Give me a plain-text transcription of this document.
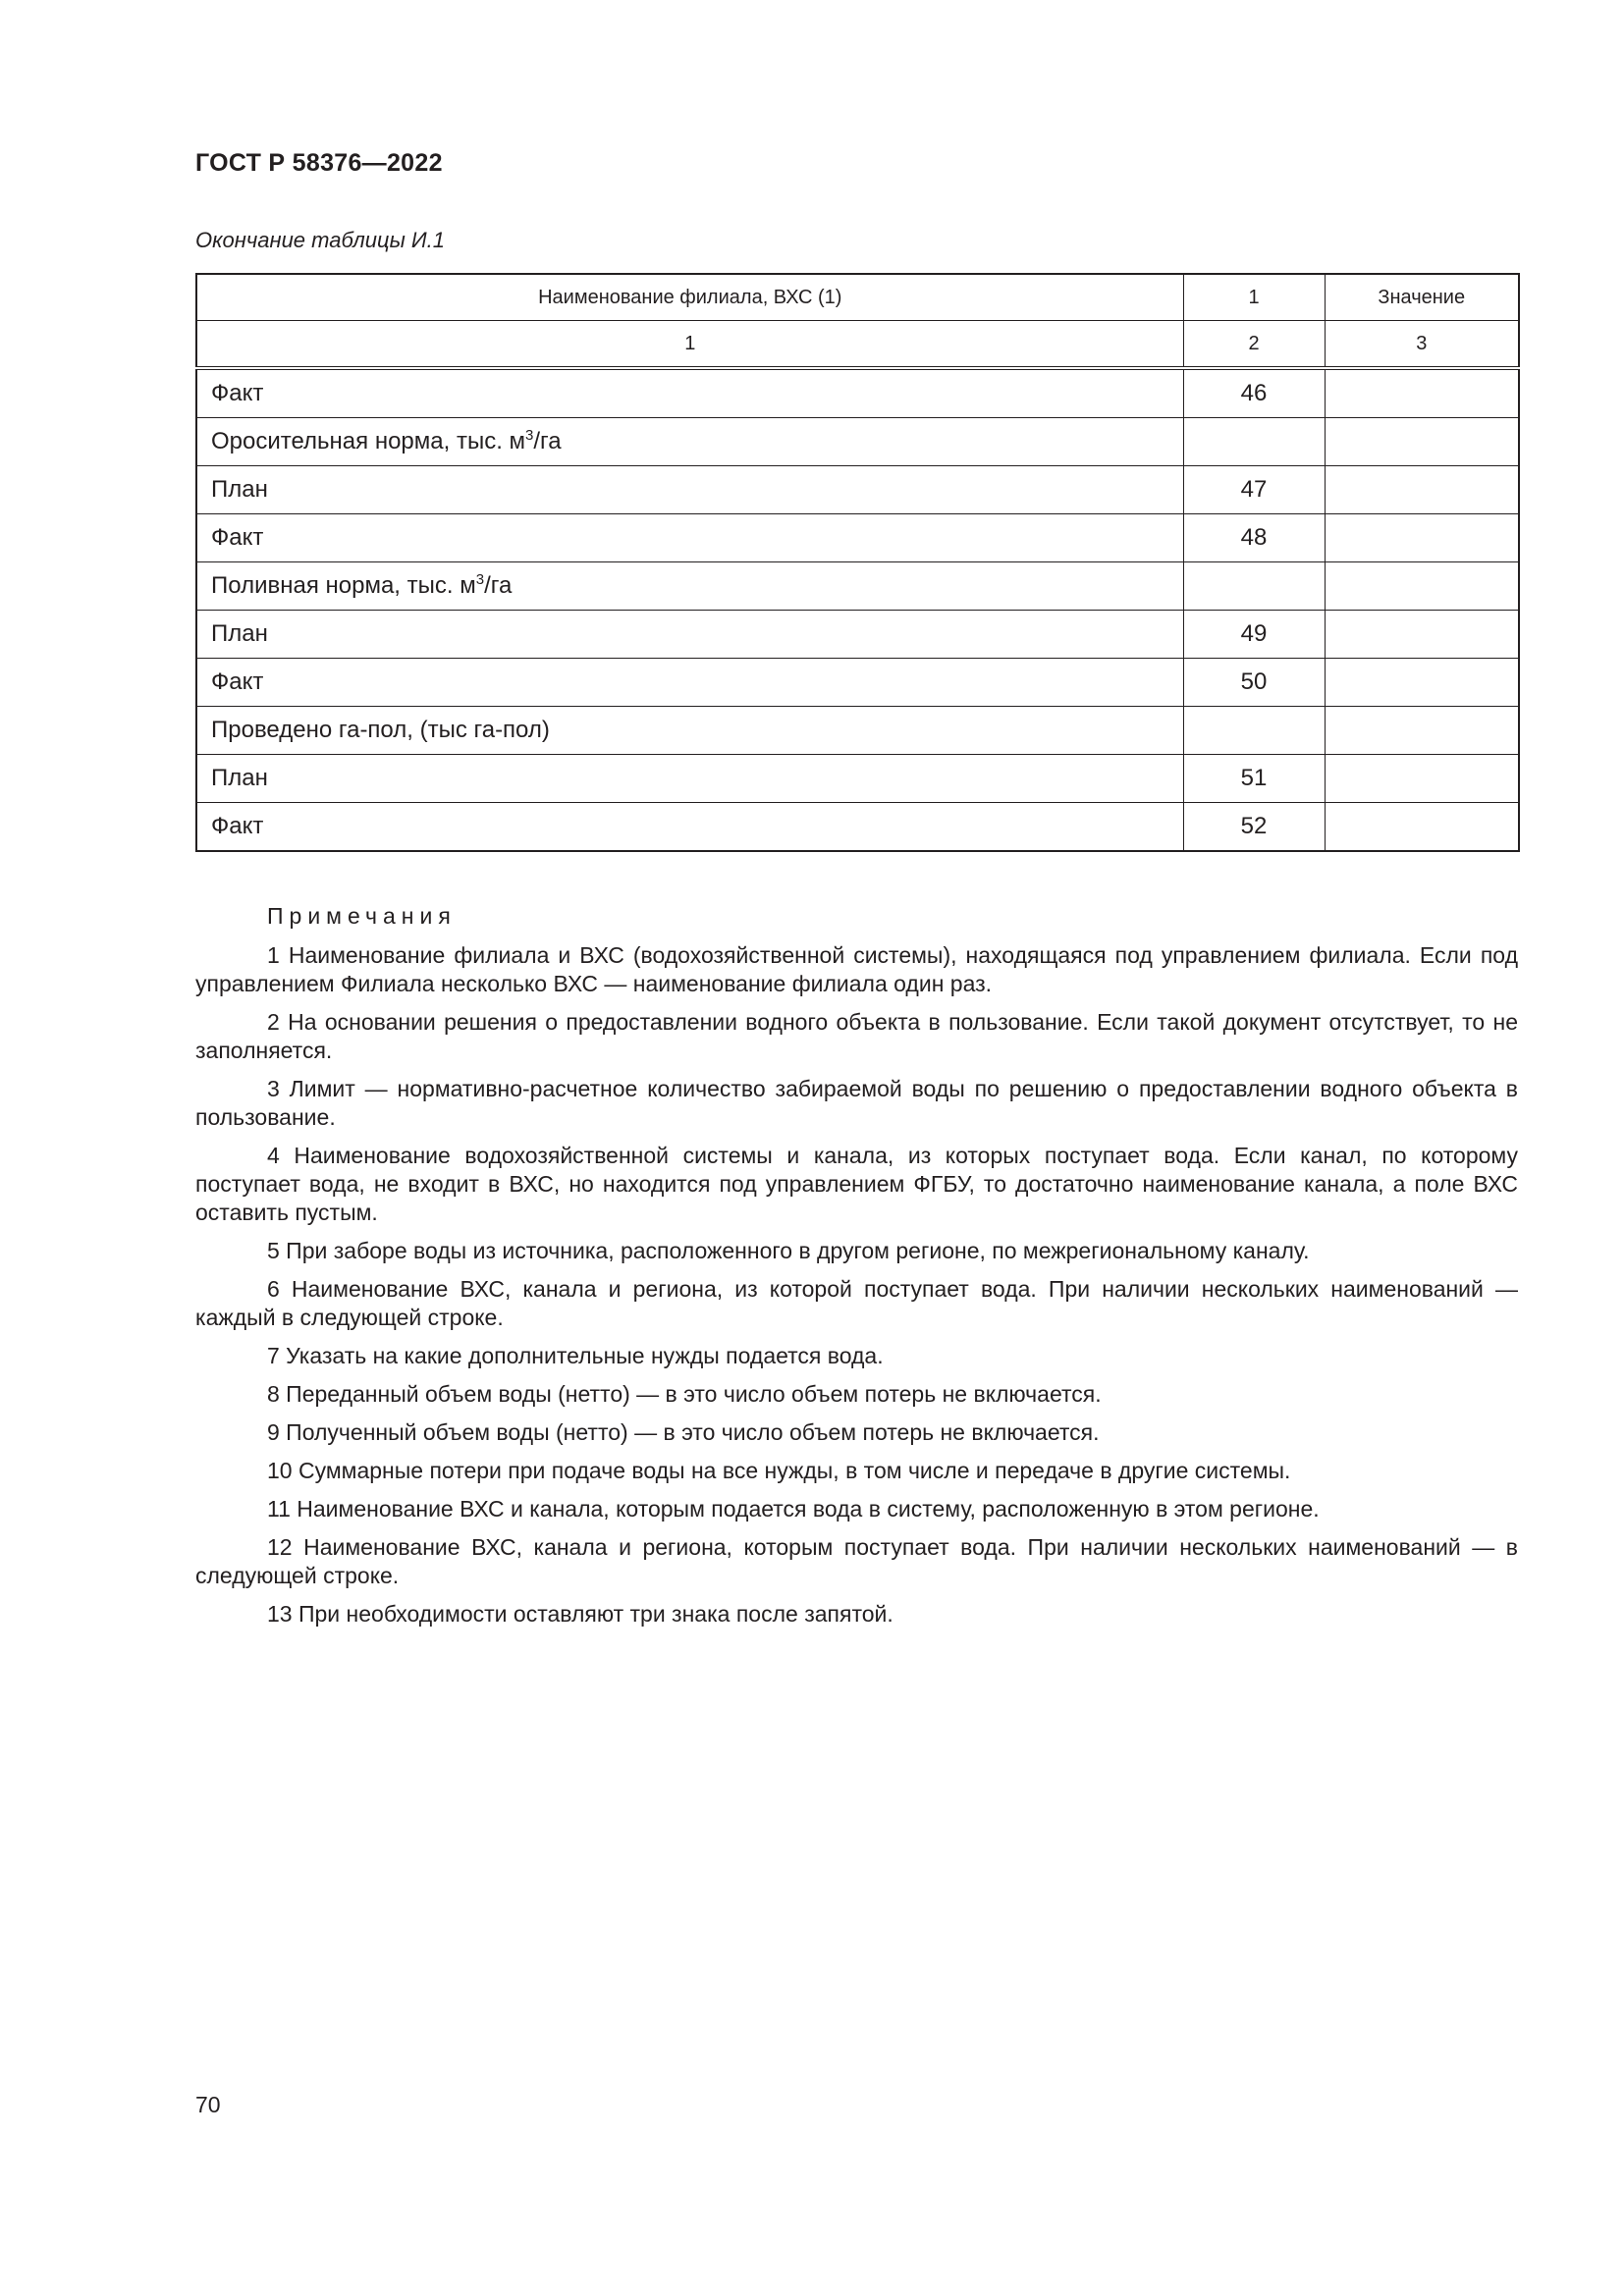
ГОСТ Р 58376—2022
Окончание таблицы И.1
Наименование филиала, ВХС (1)	1	Значение
1	2	3
Факт	46	
Оросительная норма, тыс. $м^3/га$		
План	47	
Факт	48	
Поливная норма, тыс. $м^3/га$		
План	49	
Факт	50	
Проведено га-пол, (тыс га-пол)		
План	51	
Факт	52	
Примечания

1 Наименование филиала и ВХС (водохозяйственной системы), находящаяся под управлением филиала. Если под управлением Филиала несколько ВХС — наименование филиала один раз.

2 На основании решения о предоставлении водного объекта в пользование. Если такой документ отсутствует, то не заполняется.

3 Лимит — нормативно-расчетное количество забираемой воды по решению о предоставлении водного объекта в пользование.

4 Наименование водохозяйственной системы и канала, из которых поступает вода. Если канал, по которому поступает вода, не входит в ВХС, но находится под управлением ФГБУ, то достаточно наименование канала, а поле ВХС оставить пустым.

5 При заборе воды из источника, расположенного в другом регионе, по межрегиональному каналу.

6 Наименование ВХС, канала и региона, из которой поступает вода. При наличии нескольких наименований — каждый в следующей строке.

7 Указать на какие дополнительные нужды подается вода.

8 Переданный объем воды (нетто) — в это число объем потерь не включается.

9 Полученный объем воды (нетто) — в это число объем потерь не включается.

10 Суммарные потери при подаче воды на все нужды, в том числе и передаче в другие системы.

11 Наименование ВХС и канала, которым подается вода в систему, расположенную в этом регионе.

12 Наименование ВХС, канала и региона, которым поступает вода. При наличии нескольких наименований — в следующей строке.

13 При необходимости оставляют три знака после запятой.

70
